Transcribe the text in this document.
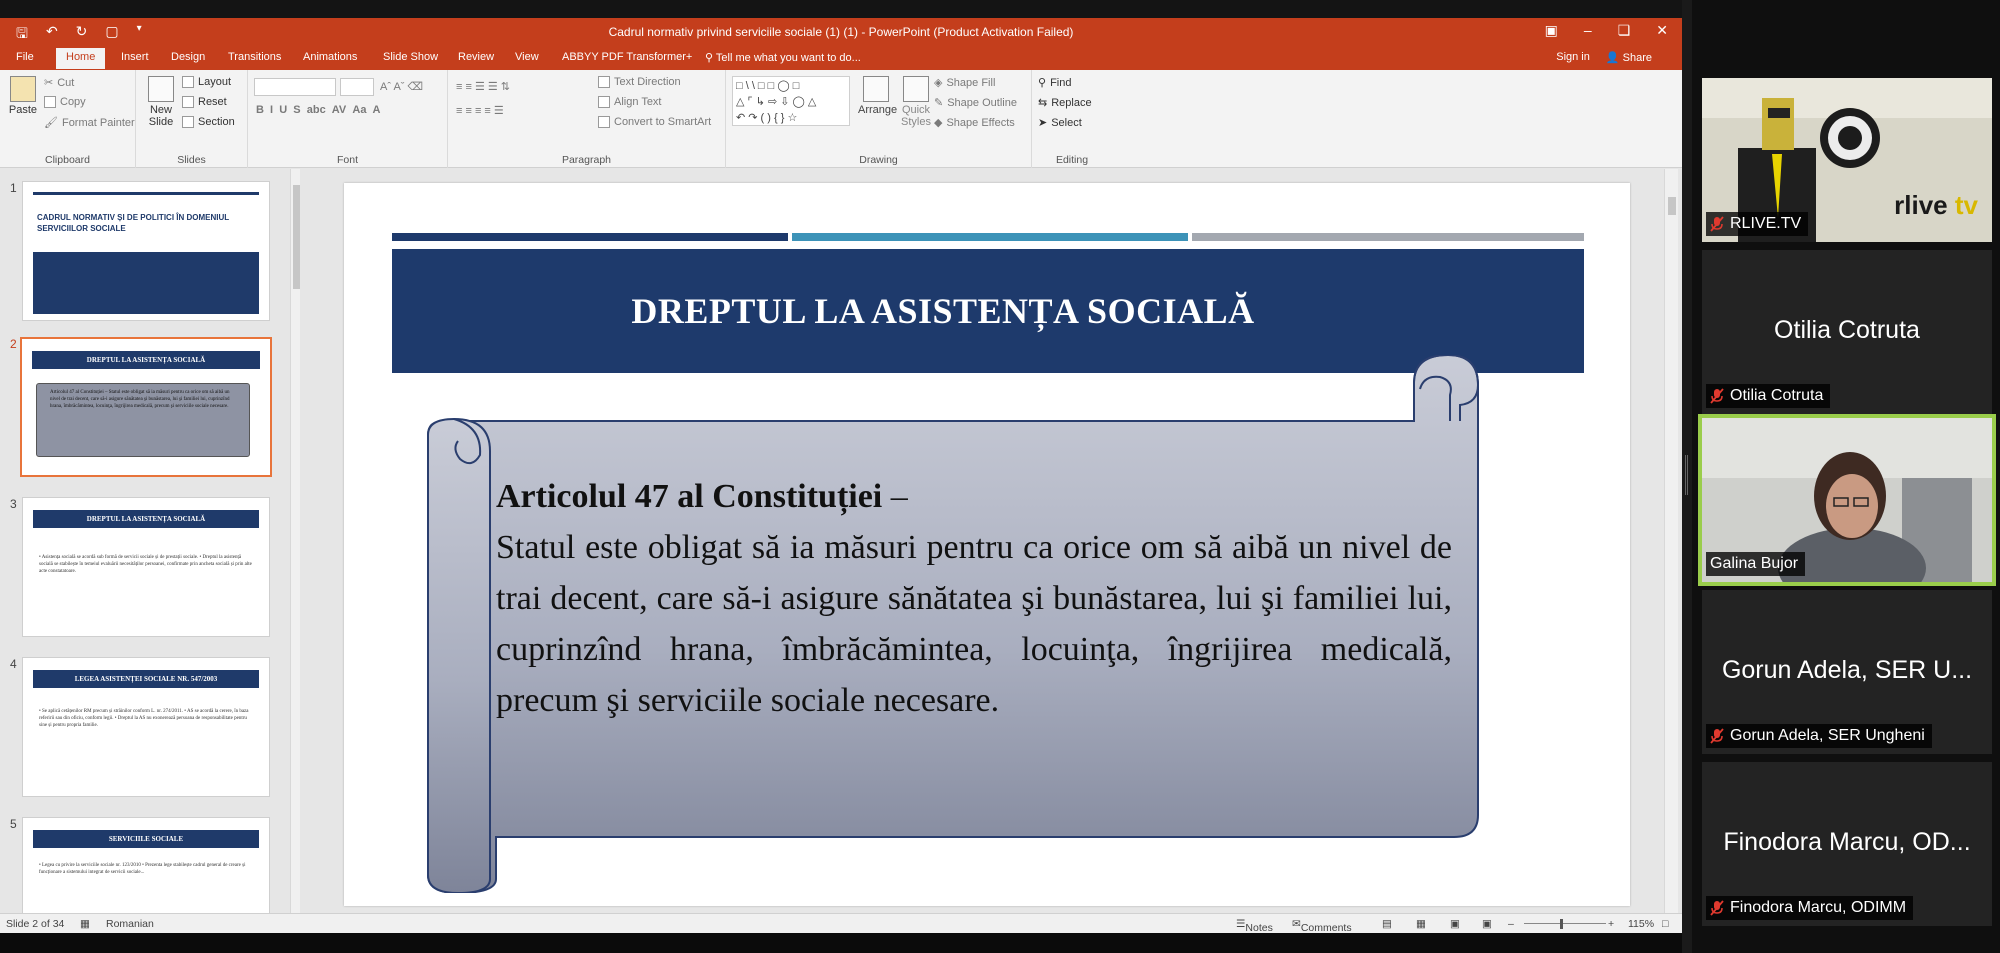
🖫 ↶ ↻ ▢ ▾	Cadrul normativ privind serviciile sociale (1) (1) - PowerPoint (Product Activation Failed)	▣ – ❏ ✕
File	Home	Insert Design Transitions Animations Slide Show Review View ABBYY PDF Transformer+ ⚲ Tell me what you want to do...	Sign in 👤 Share
Paste
✂ Cut
Copy
🖌 Format Painter
Clipboard
New Slide
Layout
Reset
Section
Slides
Aˆ Aˇ ⌫
B  I  U  S  abc  AV  Aa  A
Font
≡ ≡ ☰ ☰ ⇅
≡ ≡ ≡ ≡ ☰
Text Direction
Align Text
Convert to SmartArt
Paragraph
□ \ \ □ □ ◯ □
△ ⌜ ↳ ⇨ ⇩ ◯ △
↶ ↷ ( ) { } ☆
Arrange Quick Styles
◈ Shape Fill
✎ Shape Outline
◆ Shape Effects
Drawing
⚲ Find
⇆ Replace
➤ Select
Editing
1
CADRUL NORMATIV ȘI DE POLITICI ÎN DOMENIUL SERVICIILOR SOCIALE
2
DREPTUL LA ASISTENȚA SOCIALĂ
Articolul 47 al Constituției – Statul este obligat să ia măsuri pentru ca orice om să aibă un nivel de trai decent, care să-i asigure sănătatea şi bunăstarea, lui şi familiei lui, cuprinzînd hrana, îmbrăcămintea, locuinţa, îngrijirea medicală, precum şi serviciile sociale necesare.
3
DREPTUL LA ASISTENȚA SOCIALĂ
• Asistența socială se acordă sub formă de servicii sociale și de prestații sociale. • Dreptul la asistență socială se stabilește în temeiul evaluării necesităților persoanei, confirmate prin ancheta socială și prin alte acte constatatoare.
4
LEGEA ASISTENȚEI SOCIALE NR. 547/2003
• Se aplică cetățenilor RM precum și străinilor conform L. nr. 274/2011. • AS se acordă la cerere, în baza referirii sau din oficiu, conform legii. • Dreptul la AS nu exonerează persoana de responsabilitate pentru sine și pentru propria familie.
5
SERVICIILE SOCIALE
• Legea cu privire la serviciile sociale nr. 123/2010 • Prezenta lege stabilește cadrul general de creare și funcționare a sistemului integrat de servicii sociale...
DREPTUL LA ASISTENȚA SOCIALĂ
Articolul 47 al Constituției –
Statul este obligat să ia măsuri pentru ca orice om să aibă un nivel de trai decent, care să-i asigure sănătatea şi bunăstarea, lui şi familiei lui, cuprinzînd hrana, îmbrăcămintea, locuinţa, îngrijirea medicală, precum şi serviciile sociale necesare.
Slide 2 of 34 ▦ Romanian	☰ Notes ✉ Comments	▤ ▦ ▣ ▣ –	+ 115% □
rlive tv
RLIVE.TV
Otilia Cotruta
Otilia Cotruta
Galina Bujor
Gorun Adela, SER U...
Gorun Adela, SER Ungheni
Finodora Marcu, OD...
Finodora Marcu, ODIMM
